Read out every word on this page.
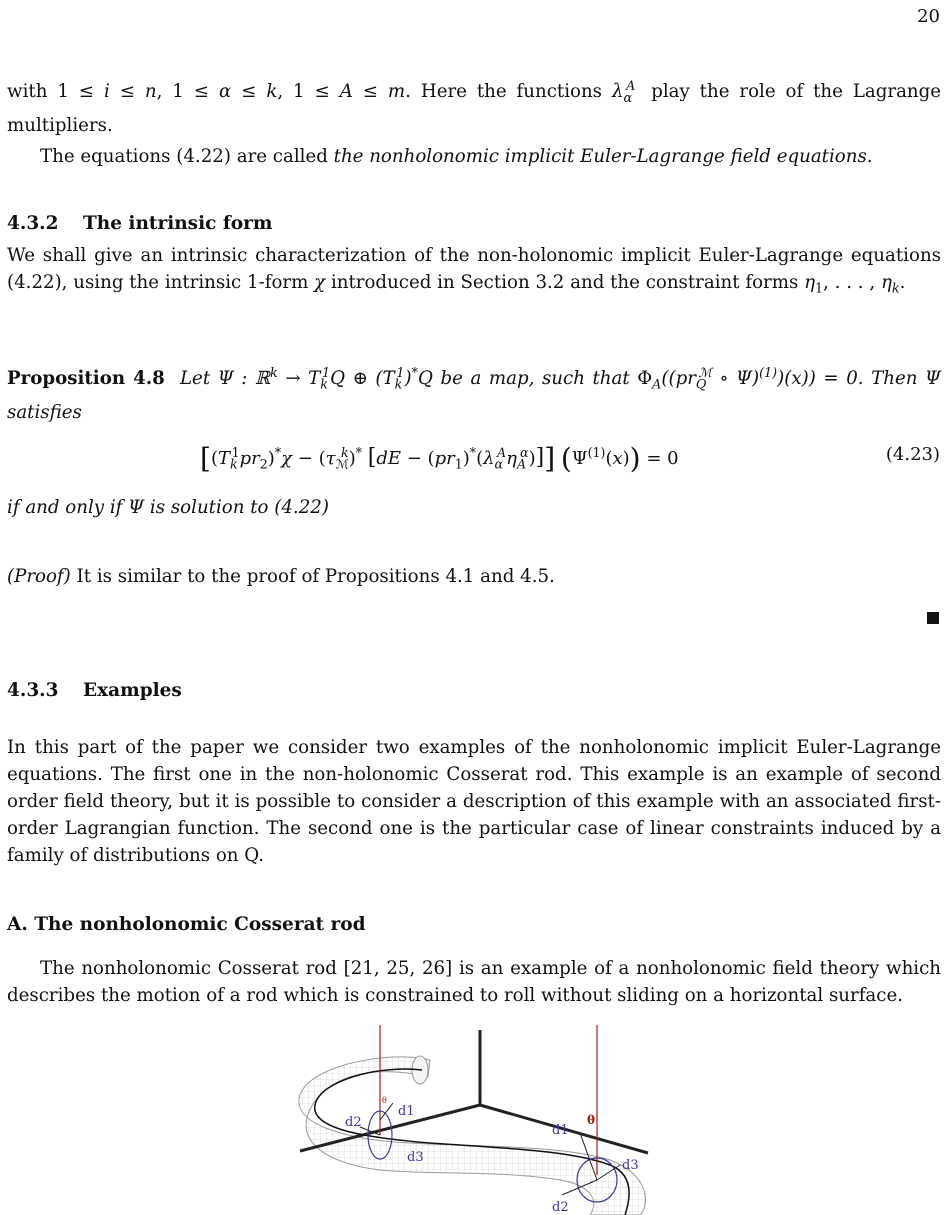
20
with 1 ≤ i ≤ n, 1 ≤ α ≤ k, 1 ≤ A ≤ m. Here the functions $\lambda_\alpha^A$ play the role of the Lagrange multipliers.
The equations (4.22) are called the nonholonomic implicit Euler-Lagrange field equations.
4.3.2 The intrinsic form
We shall give an intrinsic characterization of the non-holonomic implicit Euler-Lagrange equations (4.22), using the intrinsic 1-form χ introduced in Section 3.2 and the constraint forms $\eta_1$, . . . , $\eta_k$.
Proposition 4.8  Let Ψ : ℝ$^k$ → $T_k^1Q$ ⊕ $(T_k^1)^*Q$ be a map, such that $\Phi_A((pr_Q^ℳ$ ∘ Ψ)$^{(1)}$)(x)) = 0. Then Ψ satisfies
[$(T_k^1pr_2)^*\chi - (\tau_ℳ^k)^*$ $[dE - (pr_1)^*(\lambda_\alpha^A\eta_A^\alpha)]$] $(\Psi^{(1)}(x)) = 0$	(4.23)
if and only if Ψ is solution to (4.22)
(Proof) It is similar to the proof of Propositions 4.1 and 4.5.
4.3.3 Examples
In this part of the paper we consider two examples of the nonholonomic implicit Euler-Lagrange equations. The first one in the non-holonomic Cosserat rod. This example is an example of second order field theory, but it is possible to consider a description of this example with an associated first-order Lagrangian function. The second one is the particular case of linear constraints induced by a family of distributions on Q.
A. The nonholonomic Cosserat rod
The nonholonomic Cosserat rod [21, 25, 26] is an example of a nonholonomic field theory which describes the motion of a rod which is constrained to roll without sliding on a horizontal surface.
d1
d2
d3
θ
d1
d2
d3
θ
